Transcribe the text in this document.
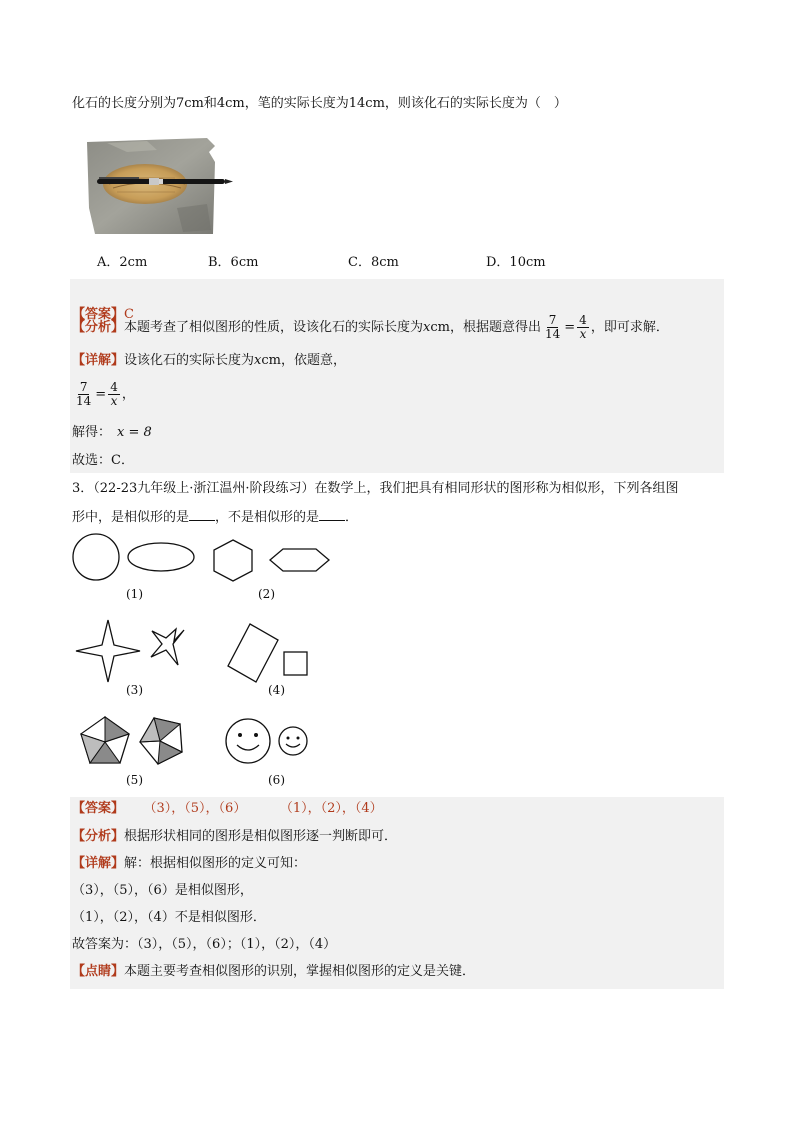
化石的长度分别为7cm和4cm，笔的实际长度为14cm，则该化石的实际长度为（　）
A．2cm	B．6cm	C．8cm	D．10cm
【答案】C
【分析】本题考查了相似图形的性质，设该化石的实际长度为xcm，根据题意得出 $\frac{7}{14} = \frac{4}{x}$ ，即可求解．
【详解】设该化石的实际长度为xcm，依题意，
$\frac{7}{14} = \frac{4}{x}$ ，
解得： x = 8
故选：C．
3．（22-23九年级上·浙江温州·阶段练习）在数学上，我们把具有相同形状的图形称为相似形，下列各组图
形中，是相似形的是 ，不是相似形的是 ．
(1)	(2)
(3)	(4)
(5)	(6)
【答案】 （3），（5），（6）	（1），（2），（4）
【分析】根据形状相同的图形是相似图形逐一判断即可．
【详解】解：根据相似图形的定义可知：
（3），（5），（6）是相似图形，
（1），（2），（4）不是相似图形．
故答案为：（3），（5），（6）；（1），（2），（4）
【点睛】本题主要考查相似图形的识别，掌握相似图形的定义是关键．
